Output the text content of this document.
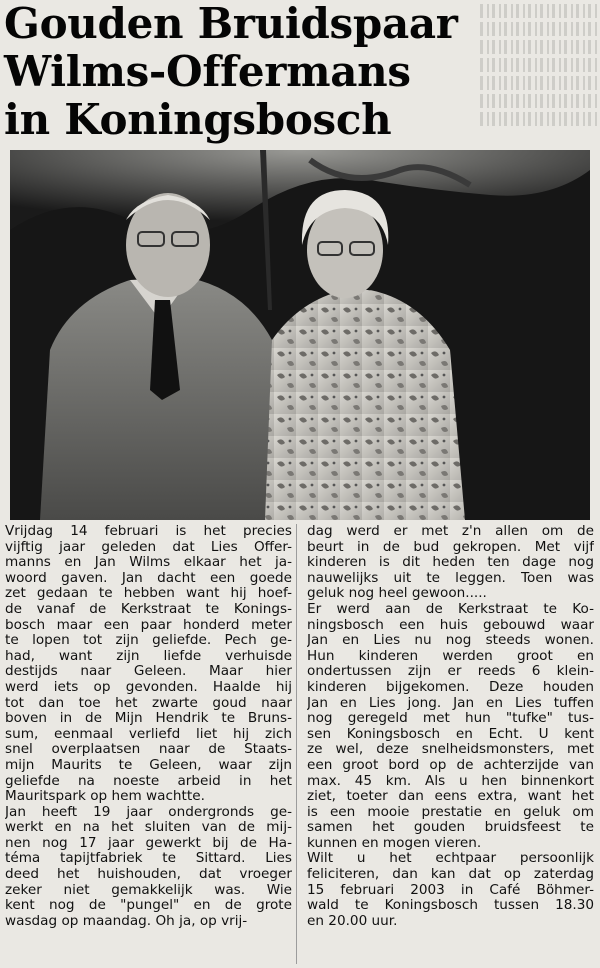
Gouden Bruidspaar
Wilms-Offermans
in Koningsbosch
Vrijdag 14 februari is het precies
vijftig jaar geleden dat Lies Offer-
manns en Jan Wilms elkaar het ja-
woord gaven. Jan dacht een goede
zet gedaan te hebben want hij hoef-
de vanaf de Kerkstraat te Konings-
bosch maar een paar honderd meter
te lopen tot zijn geliefde. Pech ge-
had, want zijn liefde verhuisde
destijds naar Geleen. Maar hier
werd iets op gevonden. Haalde hij
tot dan toe het zwarte goud naar
boven in de Mijn Hendrik te Bruns-
sum, eenmaal verliefd liet hij zich
snel overplaatsen naar de Staats-
mijn Maurits te Geleen, waar zijn
geliefde na noeste arbeid in het
Mauritspark op hem wachtte.
Jan heeft 19 jaar ondergronds ge-
werkt en na het sluiten van de mij-
nen nog 17 jaar gewerkt bij de Ha-
téma tapijtfabriek te Sittard. Lies
deed het huishouden, dat vroeger
zeker niet gemakkelijk was. Wie
kent nog de "pungel" en de grote
wasdag op maandag. Oh ja, op vrij-
dag werd er met z'n allen om de
beurt in de bud gekropen. Met vijf
kinderen is dit heden ten dage nog
nauwelijks uit te leggen. Toen was
geluk nog heel gewoon.....
Er werd aan de Kerkstraat te Ko-
ningsbosch een huis gebouwd waar
Jan en Lies nu nog steeds wonen.
Hun kinderen werden groot en
ondertussen zijn er reeds 6 klein-
kinderen bijgekomen. Deze houden
Jan en Lies jong. Jan en Lies tuffen
nog geregeld met hun "tufke" tus-
sen Koningsbosch en Echt. U kent
ze wel, deze snelheidsmonsters, met
een groot bord op de achterzijde van
max. 45 km. Als u hen binnenkort
ziet, toeter dan eens extra, want het
is een mooie prestatie en geluk om
samen het gouden bruidsfeest te
kunnen en mogen vieren.
Wilt u het echtpaar persoonlijk
feliciteren, dan kan dat op zaterdag
15 februari 2003 in Café Böhmer-
wald te Koningsbosch tussen 18.30
en 20.00 uur.
